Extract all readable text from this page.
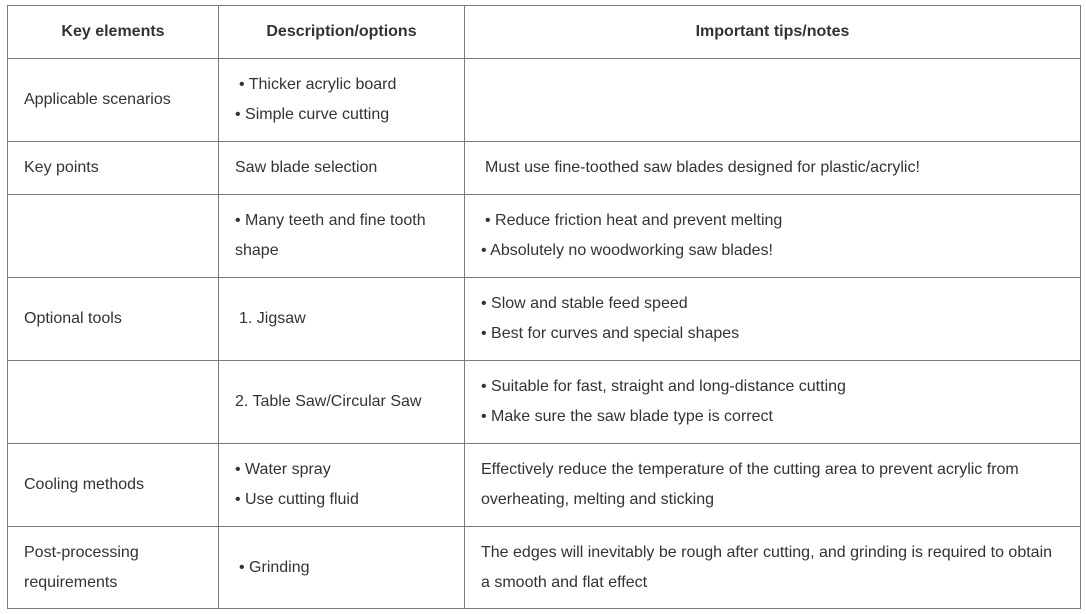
Key elements	Description/options	Important tips/notes

Applicable scenarios	• Thicker acrylic board
• Simple curve cutting	

Key points	Saw blade selection	Must use fine-toothed saw blades designed for plastic/acrylic!

	• Many teeth and fine tooth
shape	• Reduce friction heat and prevent melting
• Absolutely no woodworking saw blades!

Optional tools	1. Jigsaw	• Slow and stable feed speed
• Best for curves and special shapes

	2. Table Saw/Circular Saw	• Suitable for fast, straight and long-distance cutting
• Make sure the saw blade type is correct

Cooling methods	• Water spray
• Use cutting fluid	Effectively reduce the temperature of the cutting area to prevent acrylic from
overheating, melting and sticking

Post-processing
requirements	• Grinding	The edges will inevitably be rough after cutting, and grinding is required to obtain
a smooth and flat effect
